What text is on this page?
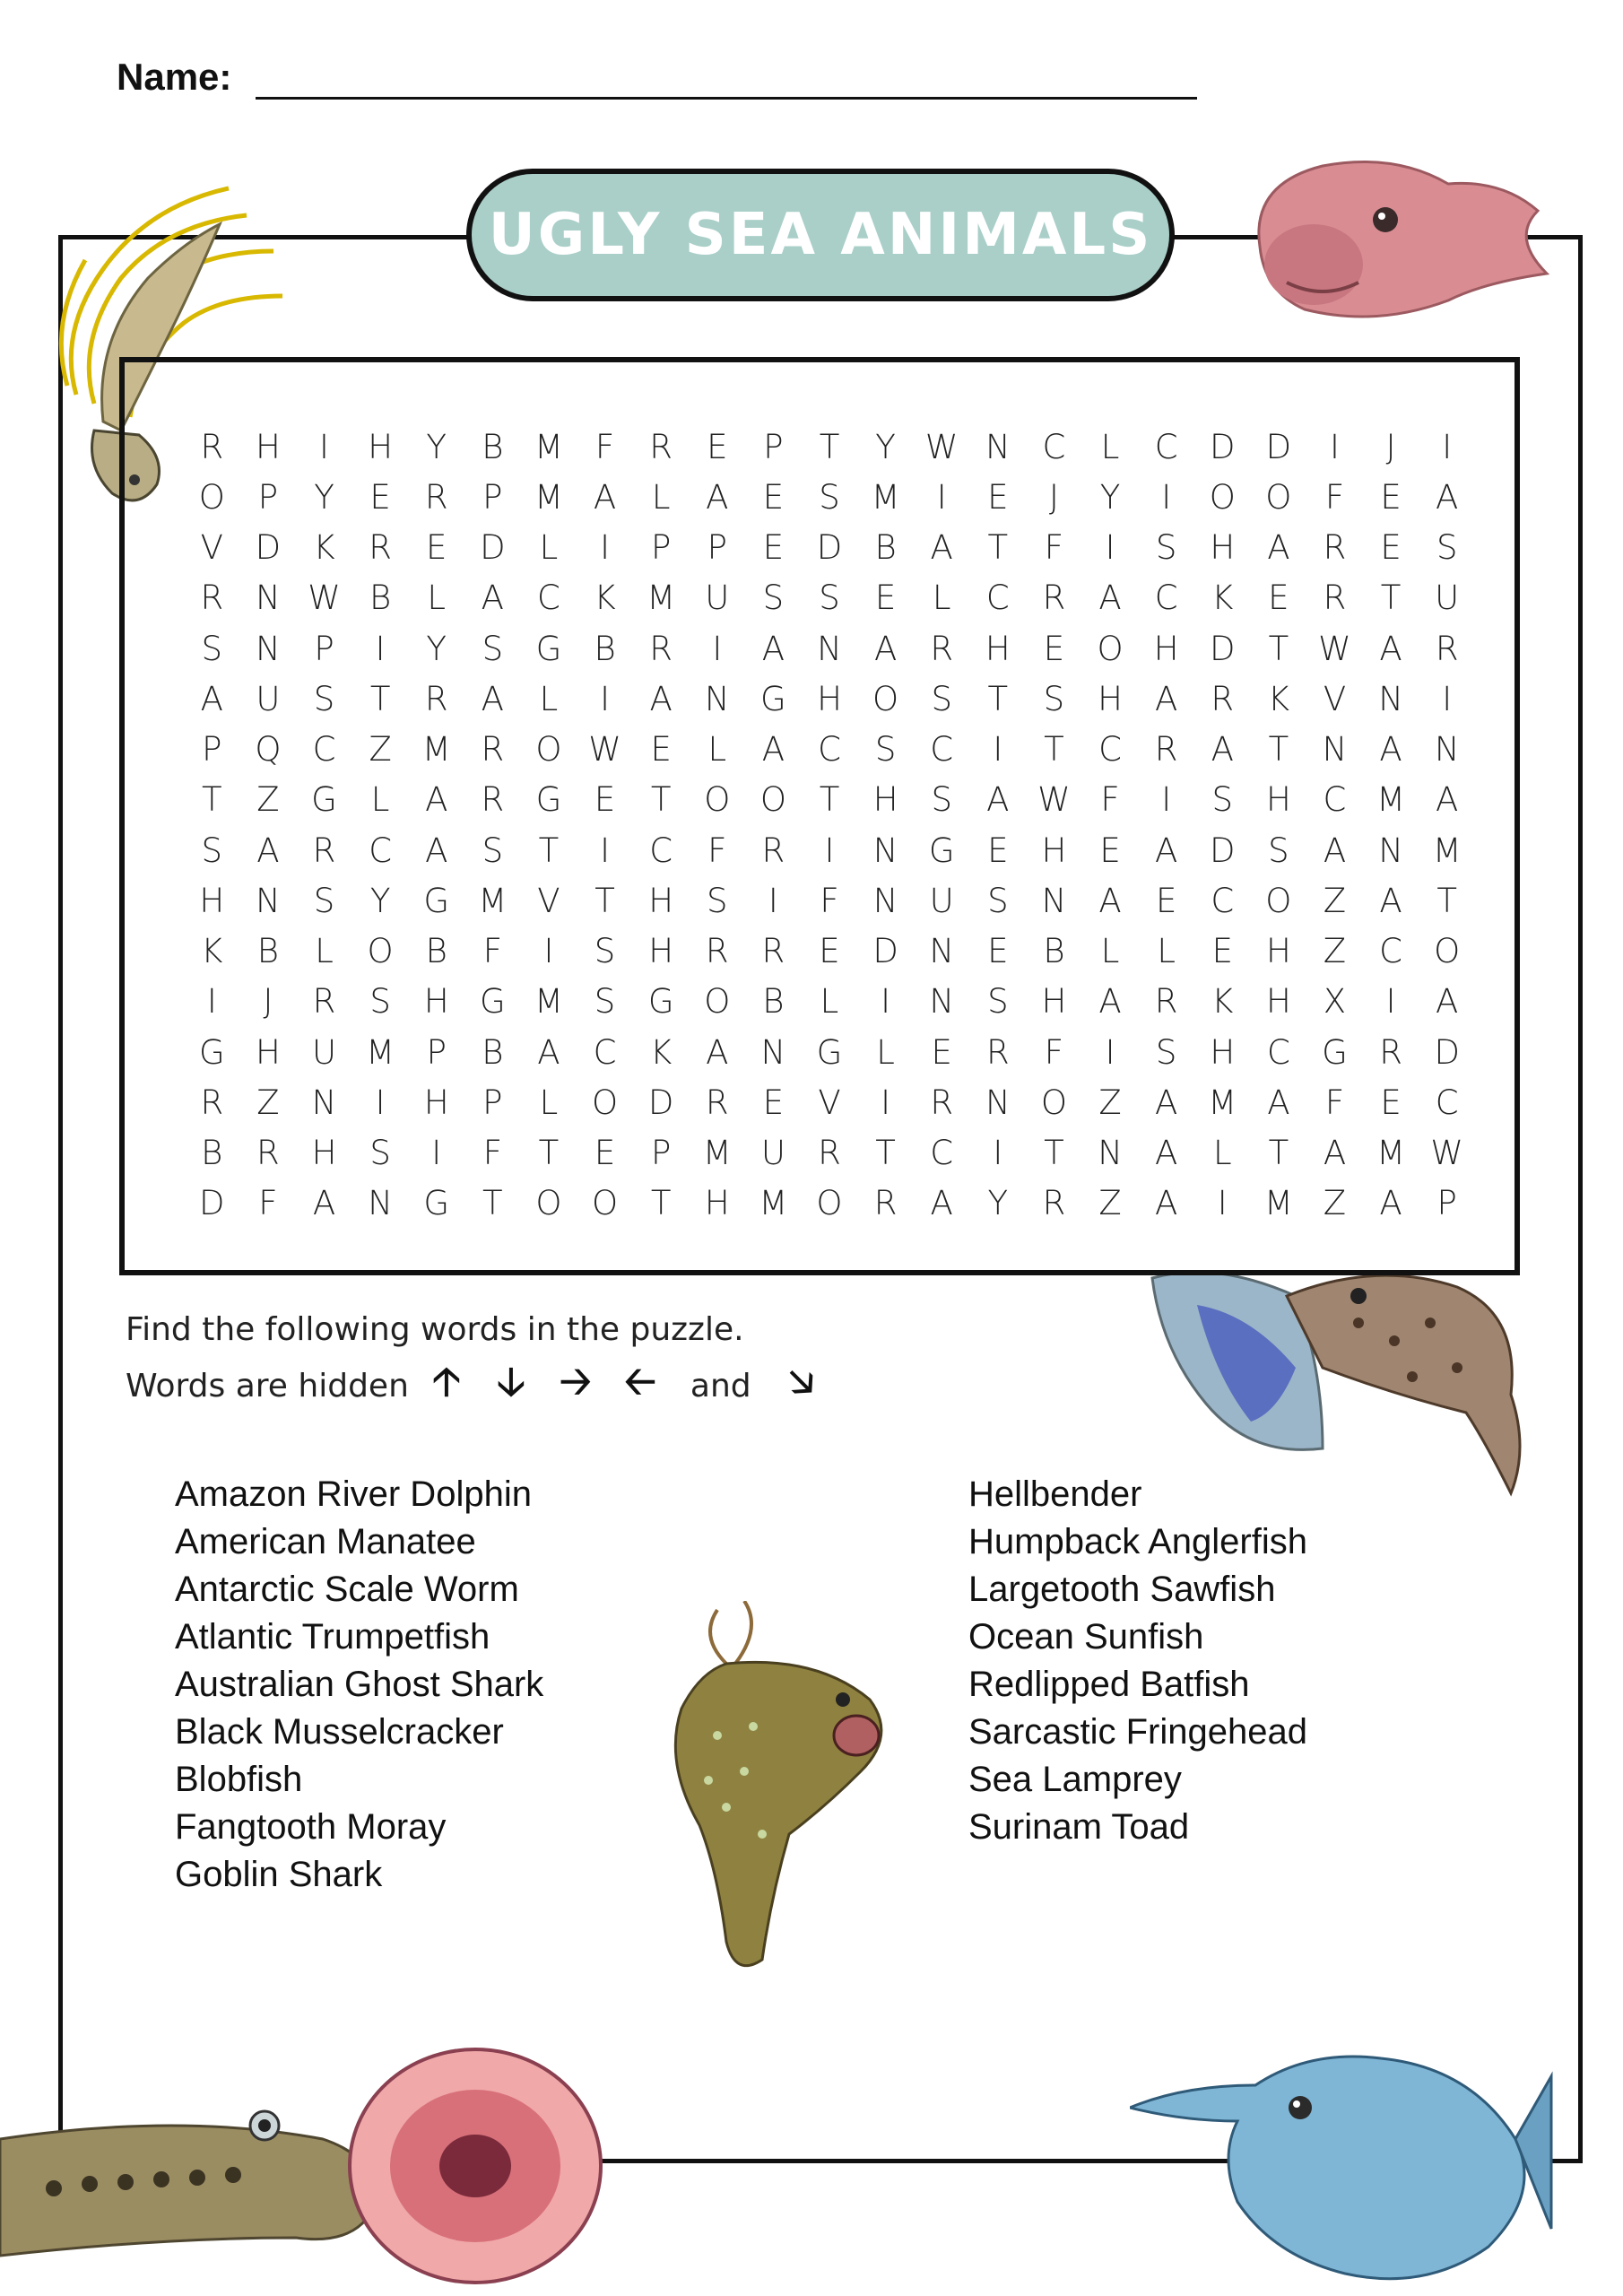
Name:
UGLY SEA ANIMALS
R H	I	H	Y	B M F	R	E	P	T	Y W N C	L	C D D	I	J	I
O P	Y	E	R	P M A	L	A	E	S M	I	E	J	Y	I	O O	F	E	A
V D K	R	E D	L	I	P	P	E D B	A	T	F	I	S H A	R	E	S
R N W B	L	A	C	K M U	S	S	E	L	C R	A	C	K	E	R	T	U
S	N	P	I	Y	S G B	R	I	A N A	R H	E O H D	T W A	R
A U	S	T	R	A	L	I	A N G H O S	T	S H A	R	K	V N	I
P Q C	Z M R O W E	L	A	C	S	C	I	T	C R	A	T	N A N
T	Z G	L	A	R G E	T O O T	H S	A W F	I	S H C M A
S	A	R C	A	S	T	I	C	F	R	I	N G E	H	E	A D S	A N M
H N	S	Y G M V	T	H S	I	F	N U	S	N A	E	C O Z	A	T
K	B	L	O B	F	I	S H R R	E D N	E	B	L	L	E	H Z	C O
I	J	R	S H G M S G O B	L	I	N	S H A	R	K H X	I	A
G H U M P	B	A	C	K	A N G	L	E	R	F	I	S H C G R D
R	Z N	I	H	P	L	O D R	E	V	I	R N O Z	A M A	F	E	C
B	R H S	I	F	T	E	P M U R	T	C	I	T	N A	L	T	A M W
D	F	A N G T O O T	H M O R	A	Y	R	Z	A	I	M Z	A	P
Find the following words in the puzzle.
Words are hidden 🡡 🡣 🡢 🡠	and 🡦
Amazon River Dolphin
American Manatee
Antarctic Scale Worm
Atlantic Trumpetfish
Australian Ghost Shark
Black Musselcracker
Blobfish
Fangtooth Moray
Goblin Shark
Hellbender
Humpback Anglerfish
Largetooth Sawfish
Ocean Sunfish
Redlipped Batfish
Sarcastic Fringehead
Sea Lamprey
Surinam Toad
